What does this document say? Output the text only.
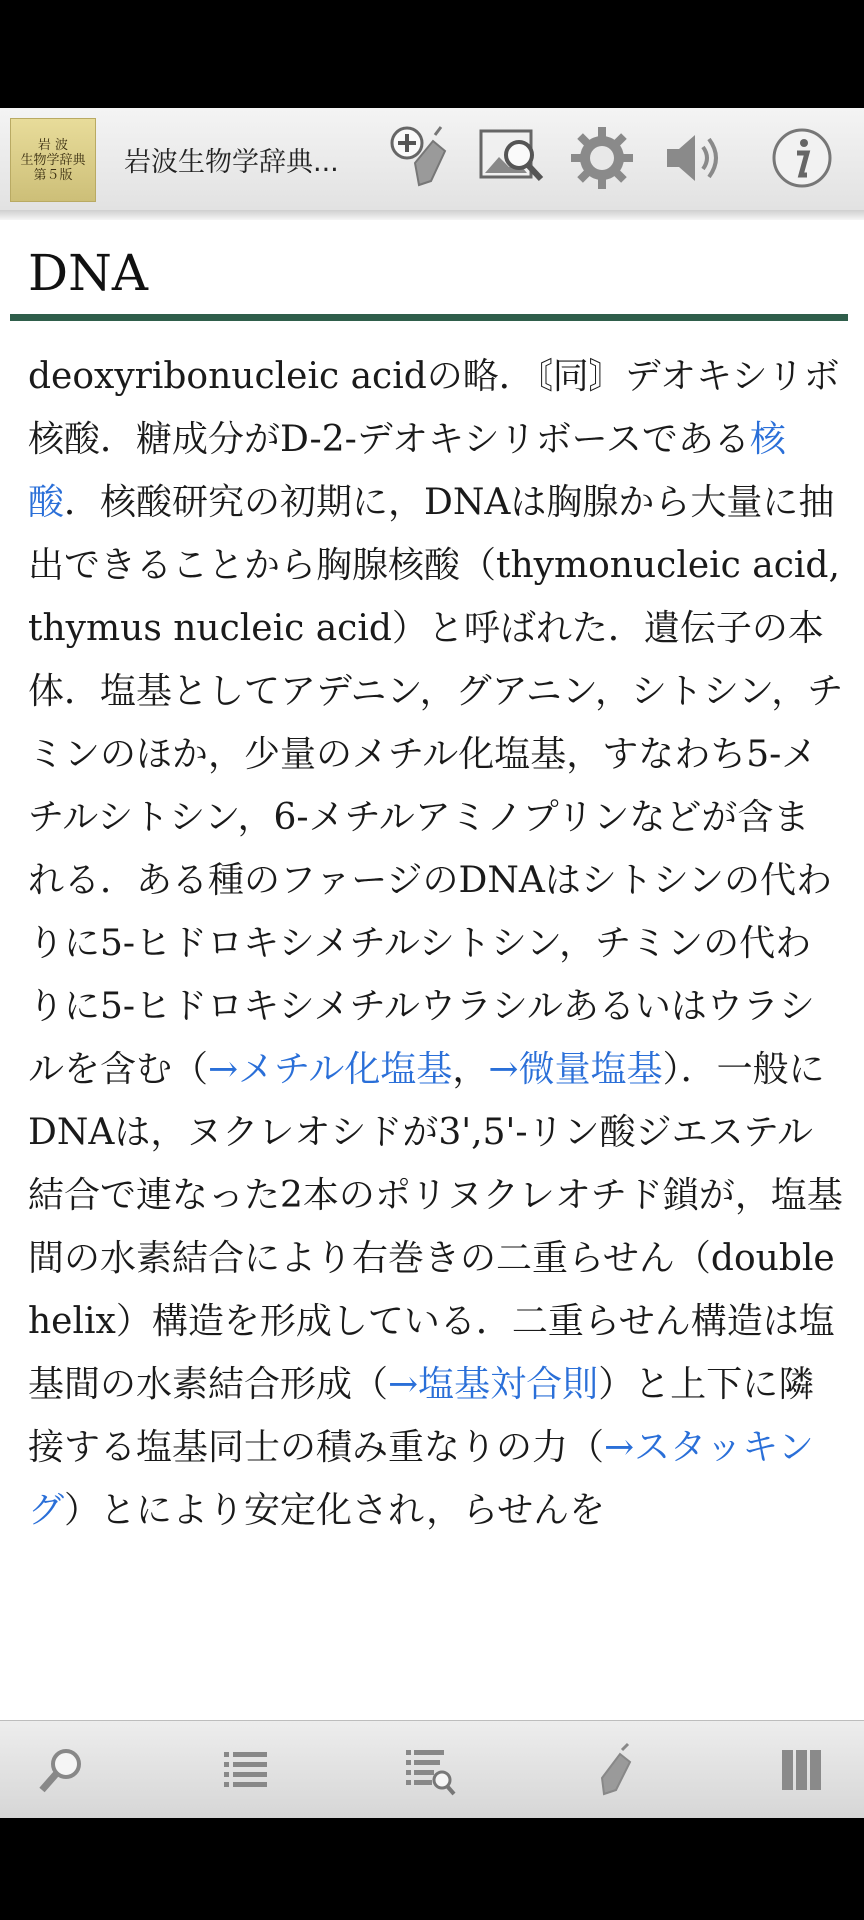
岩 波
生物学辞典
第５版 岩波生物学辞典...
DNA
deoxyribonucleic acidの略．〘同〙デオキシリボ核酸．糖成分がD-2-デオキシリボースである核酸．核酸研究の初期に，DNAは胸腺から大量に抽出できることから胸腺核酸（thymonucleic acid, thymus nucleic acid）と呼ばれた．遺伝子の本体．塩基としてアデニン，グアニン，シトシン，チミンのほか，少量のメチル化塩基，すなわち5-メチルシトシン，6-メチルアミノプリンなどが含まれる．ある種のファージのDNAはシトシンの代わりに5-ヒドロキシメチルシトシン，チミンの代わりに5-ヒドロキシメチルウラシルあるいはウラシルを含む（→メチル化塩基，→微量塩基）．一般にDNAは，ヌクレオシドが3',5'-リン酸ジエステル結合で連なった2本のポリヌクレオチド鎖が，塩基間の水素結合により右巻きの二重らせん（double helix）構造を形成している．二重らせん構造は塩基間の水素結合形成（→塩基対合則）と上下に隣接する塩基同士の積み重なりの力（→スタッキング）とにより安定化され，らせんを
